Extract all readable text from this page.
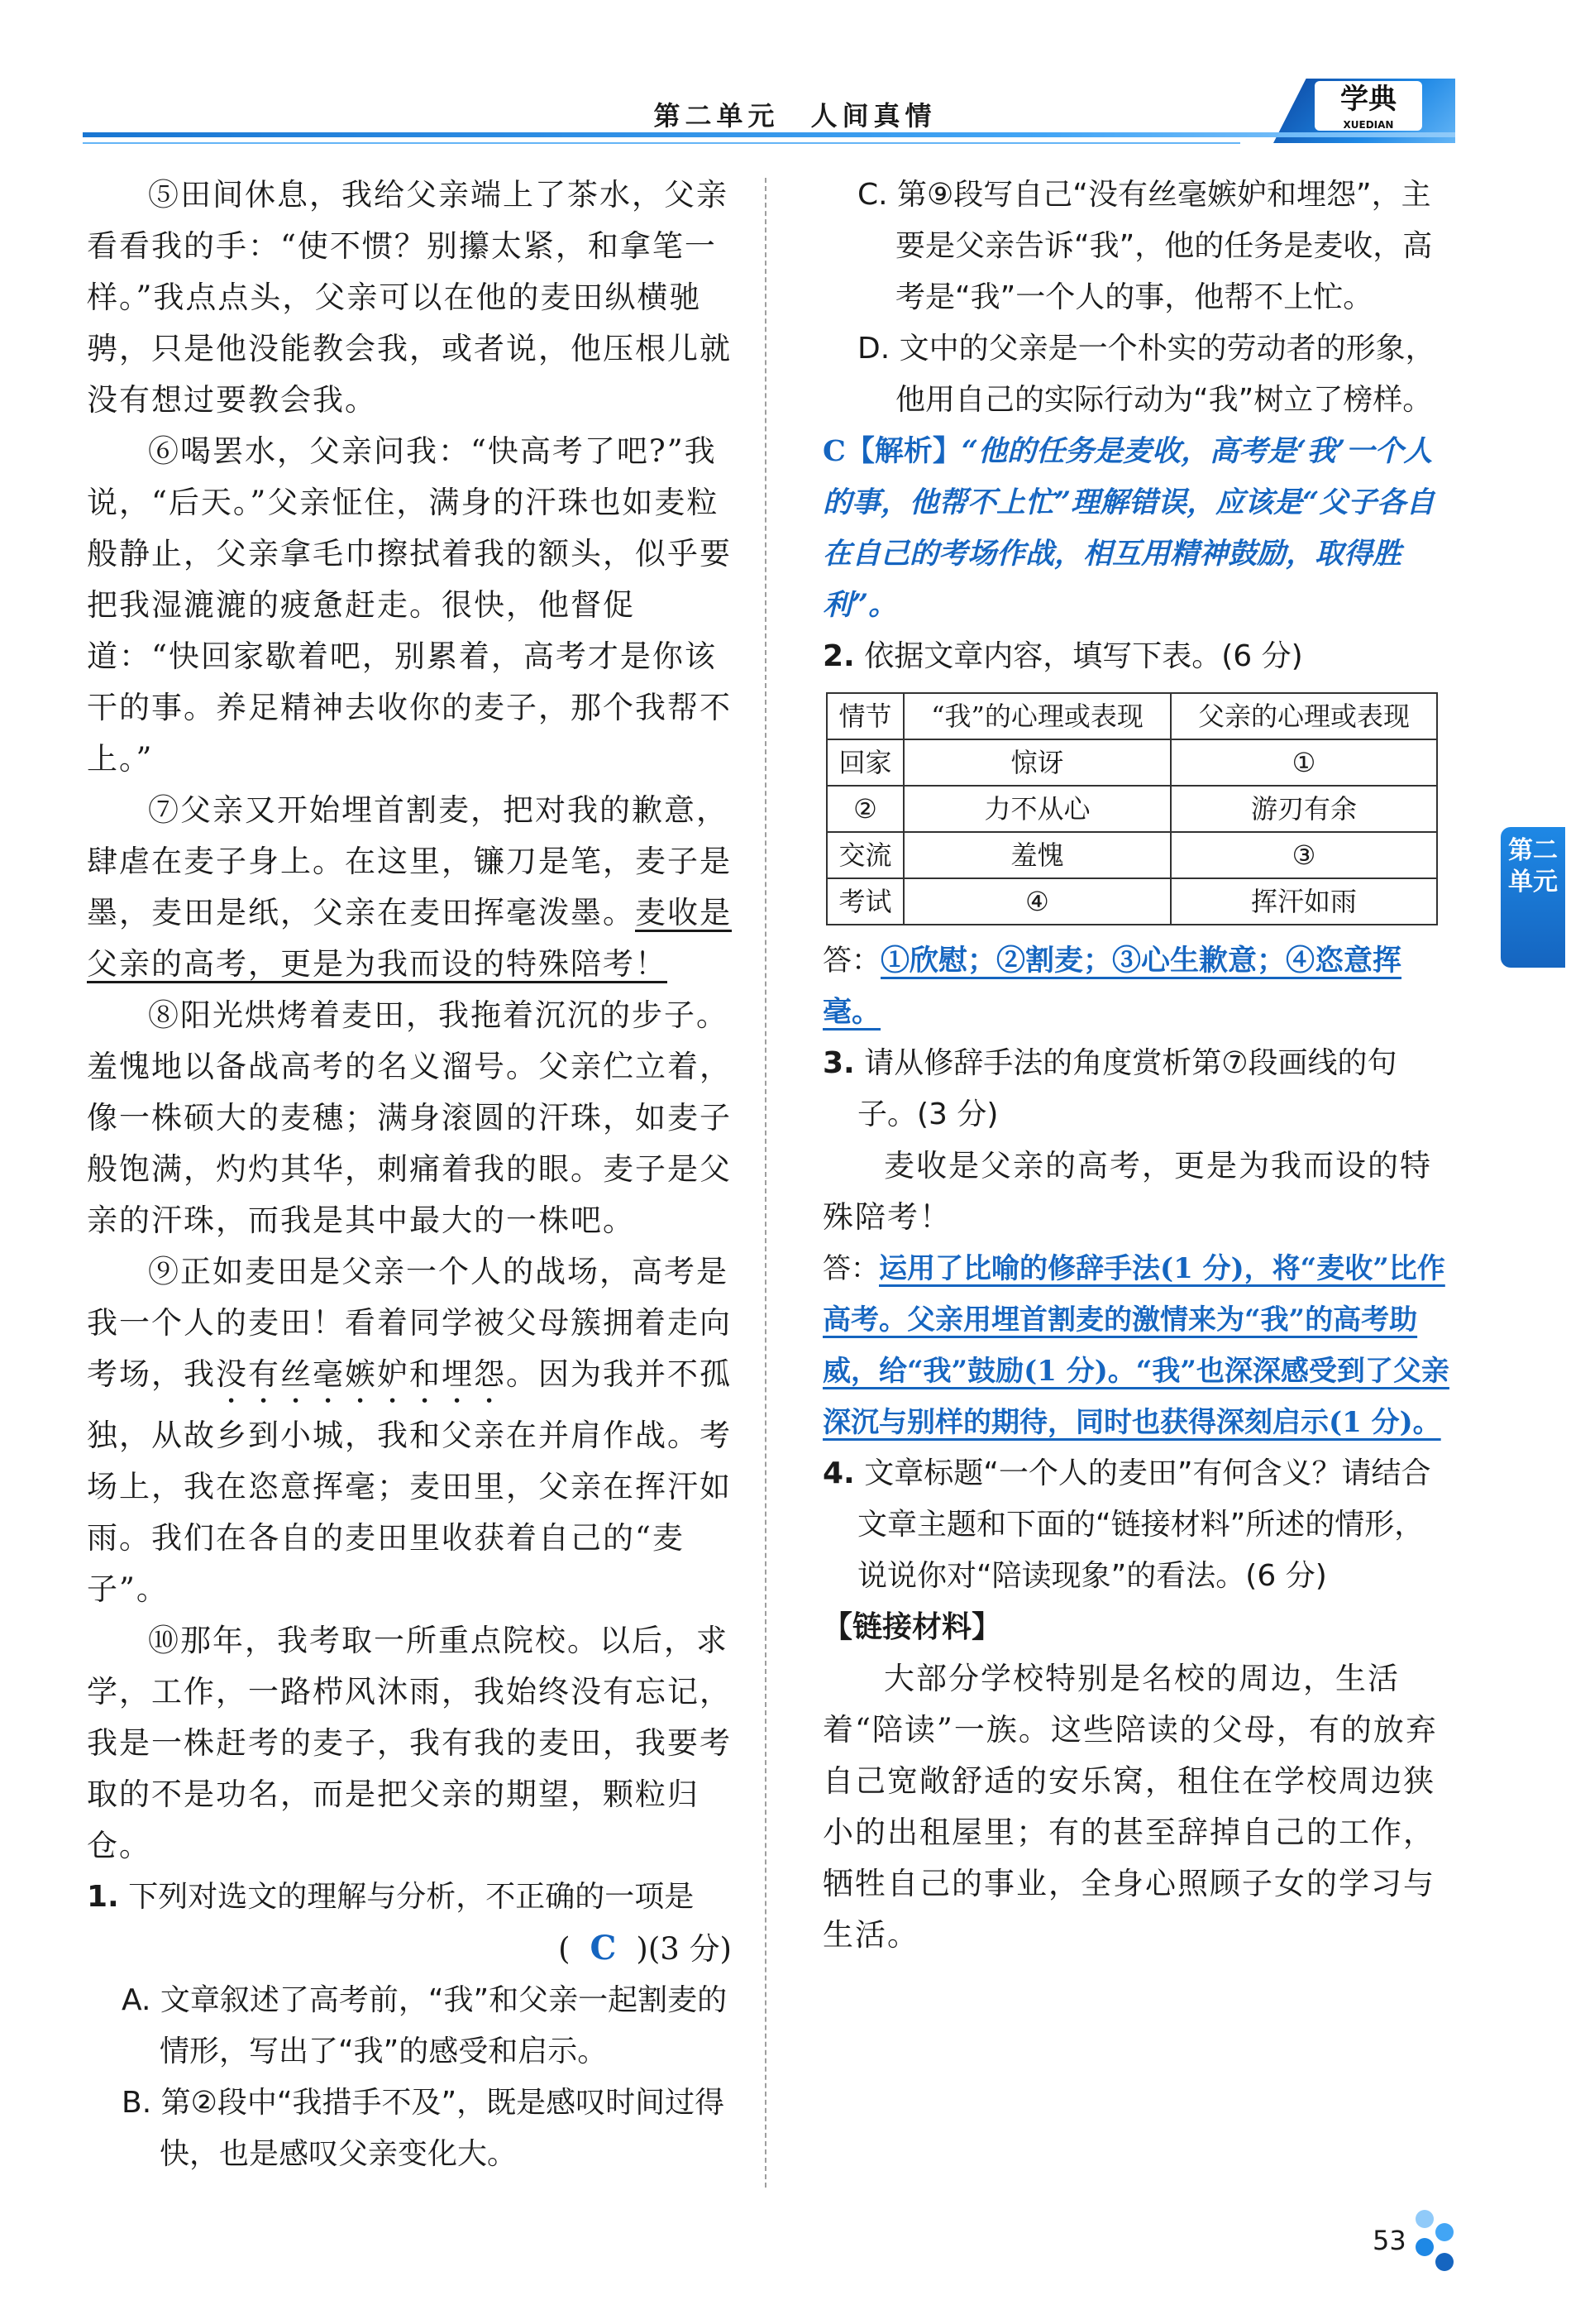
学典
XUEDIAN
第二单元　人间真情

⑤田间休息，我给父亲端上了茶水，父亲看看我的手：“使不惯？别攥太紧，和拿笔一样。”我点点头，父亲可以在他的麦田纵横驰骋，只是他没能教会我，或者说，他压根儿就没有想过要教会我。

⑥喝罢水，父亲问我：“快高考了吧?”我说，“后天。”父亲怔住，满身的汗珠也如麦粒般静止，父亲拿毛巾擦拭着我的额头，似乎要把我湿漉漉的疲惫赶走。很快，他督促道：“快回家歇着吧，别累着，高考才是你该干的事。养足精神去收你的麦子，那个我帮不上。”

⑦父亲又开始埋首割麦，把对我的歉意，肆虐在麦子身上。在这里，镰刀是笔，麦子是墨，麦田是纸，父亲在麦田挥毫泼墨。麦收是父亲的高考，更是为我而设的特殊陪考！

⑧阳光烘烤着麦田，我拖着沉沉的步子。羞愧地以备战高考的名义溜号。父亲伫立着，像一株硕大的麦穗；满身滚圆的汗珠，如麦子般饱满，灼灼其华，刺痛着我的眼。麦子是父亲的汗珠，而我是其中最大的一株吧。

⑨正如麦田是父亲一个人的战场，高考是我一个人的麦田！看着同学被父母簇拥着走向考场，我没有丝毫嫉妒和埋怨。因为我并不孤独，从故乡到小城，我和父亲在并肩作战。考场上，我在恣意挥毫；麦田里，父亲在挥汗如雨。我们在各自的麦田里收获着自己的“麦子”。

⑩那年，我考取一所重点院校。以后，求学，工作，一路栉风沐雨，我始终没有忘记，我是一株赶考的麦子，我有我的麦田，我要考取的不是功名，而是把父亲的期望，颗粒归仓。

1. 下列对选文的理解与分析，不正确的一项是

( C )(3 分)

A. 文章叙述了高考前，“我”和父亲一起割麦的情形，写出了“我”的感受和启示。

B. 第②段中“我措手不及”，既是感叹时间过得快，也是感叹父亲变化大。

C. 第⑨段写自己“没有丝毫嫉妒和埋怨”，主要是父亲告诉“我”，他的任务是麦收，高考是“我”一个人的事，他帮不上忙。

D. 文中的父亲是一个朴实的劳动者的形象，他用自己的实际行动为“我”树立了榜样。

C【解析】“他的任务是麦收，高考是‘我’一个人的事，他帮不上忙”理解错误，应该是“父子各自在自己的考场作战，相互用精神鼓励，取得胜利”。

2. 依据文章内容，填写下表。(6 分)

情节	“我”的心理或表现	父亲的心理或表现
回家	惊讶	①
②	力不从心	游刃有余
交流	羞愧	③
考试	④	挥汗如雨

答：①欣慰；②割麦；③心生歉意；④恣意挥毫。

3. 请从修辞手法的角度赏析第⑦段画线的句子。(3 分)

麦收是父亲的高考，更是为我而设的特殊陪考！

答：运用了比喻的修辞手法(1 分)，将“麦收”比作高考。父亲用埋首割麦的激情来为“我”的高考助威，给“我”鼓励(1 分)。“我”也深深感受到了父亲深沉与别样的期待，同时也获得深刻启示(1 分)。

4. 文章标题“一个人的麦田”有何含义？请结合文章主题和下面的“链接材料”所述的情形，说说你对“陪读现象”的看法。(6 分)

【链接材料】

大部分学校特别是名校的周边，生活着“陪读”一族。这些陪读的父母，有的放弃自己宽敞舒适的安乐窝，租住在学校周边狭小的出租屋里；有的甚至辞掉自己的工作，牺牲自己的事业，全身心照顾子女的学习与生活。

第二单元
53
